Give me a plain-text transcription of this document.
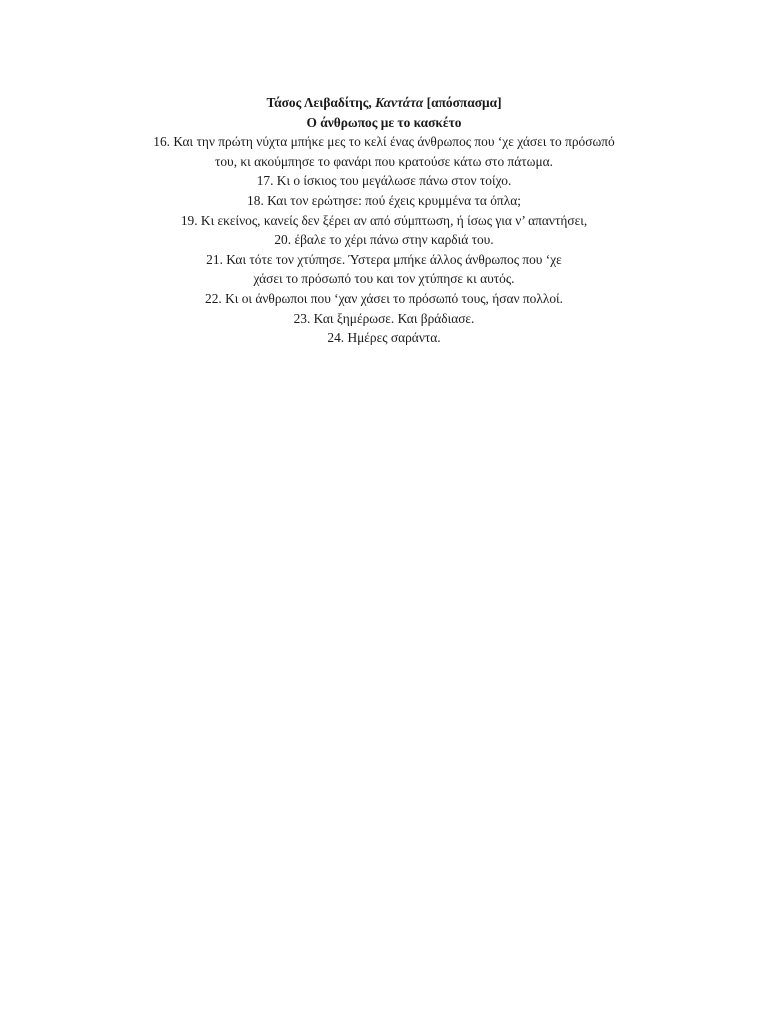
Τάσος Λειβαδίτης, Καντάτα [απόσπασμα]

Ο άνθρωπος με το κασκέτο

16. Και την πρώτη νύχτα μπήκε μες το κελί ένας άνθρωπος που ‘χε χάσει το πρόσωπό

του, κι ακούμπησε το φανάρι που κρατούσε κάτω στο πάτωμα.

17. Κι ο ίσκιος του μεγάλωσε πάνω στον τοίχο.

18. Και τον ερώτησε: πού έχεις κρυμμένα τα όπλα;

19. Κι εκείνος, κανείς δεν ξέρει αν από σύμπτωση, ή ίσως για ν’ απαντήσει,

20. έβαλε το χέρι πάνω στην καρδιά του.

21. Και τότε τον χτύπησε. Ύστερα μπήκε άλλος άνθρωπος που ‘χε

χάσει το πρόσωπό του και τον χτύπησε κι αυτός.

22. Κι οι άνθρωποι που ‘χαν χάσει το πρόσωπό τους, ήσαν πολλοί.

23. Και ξημέρωσε. Και βράδιασε.

24. Ημέρες σαράντα.
